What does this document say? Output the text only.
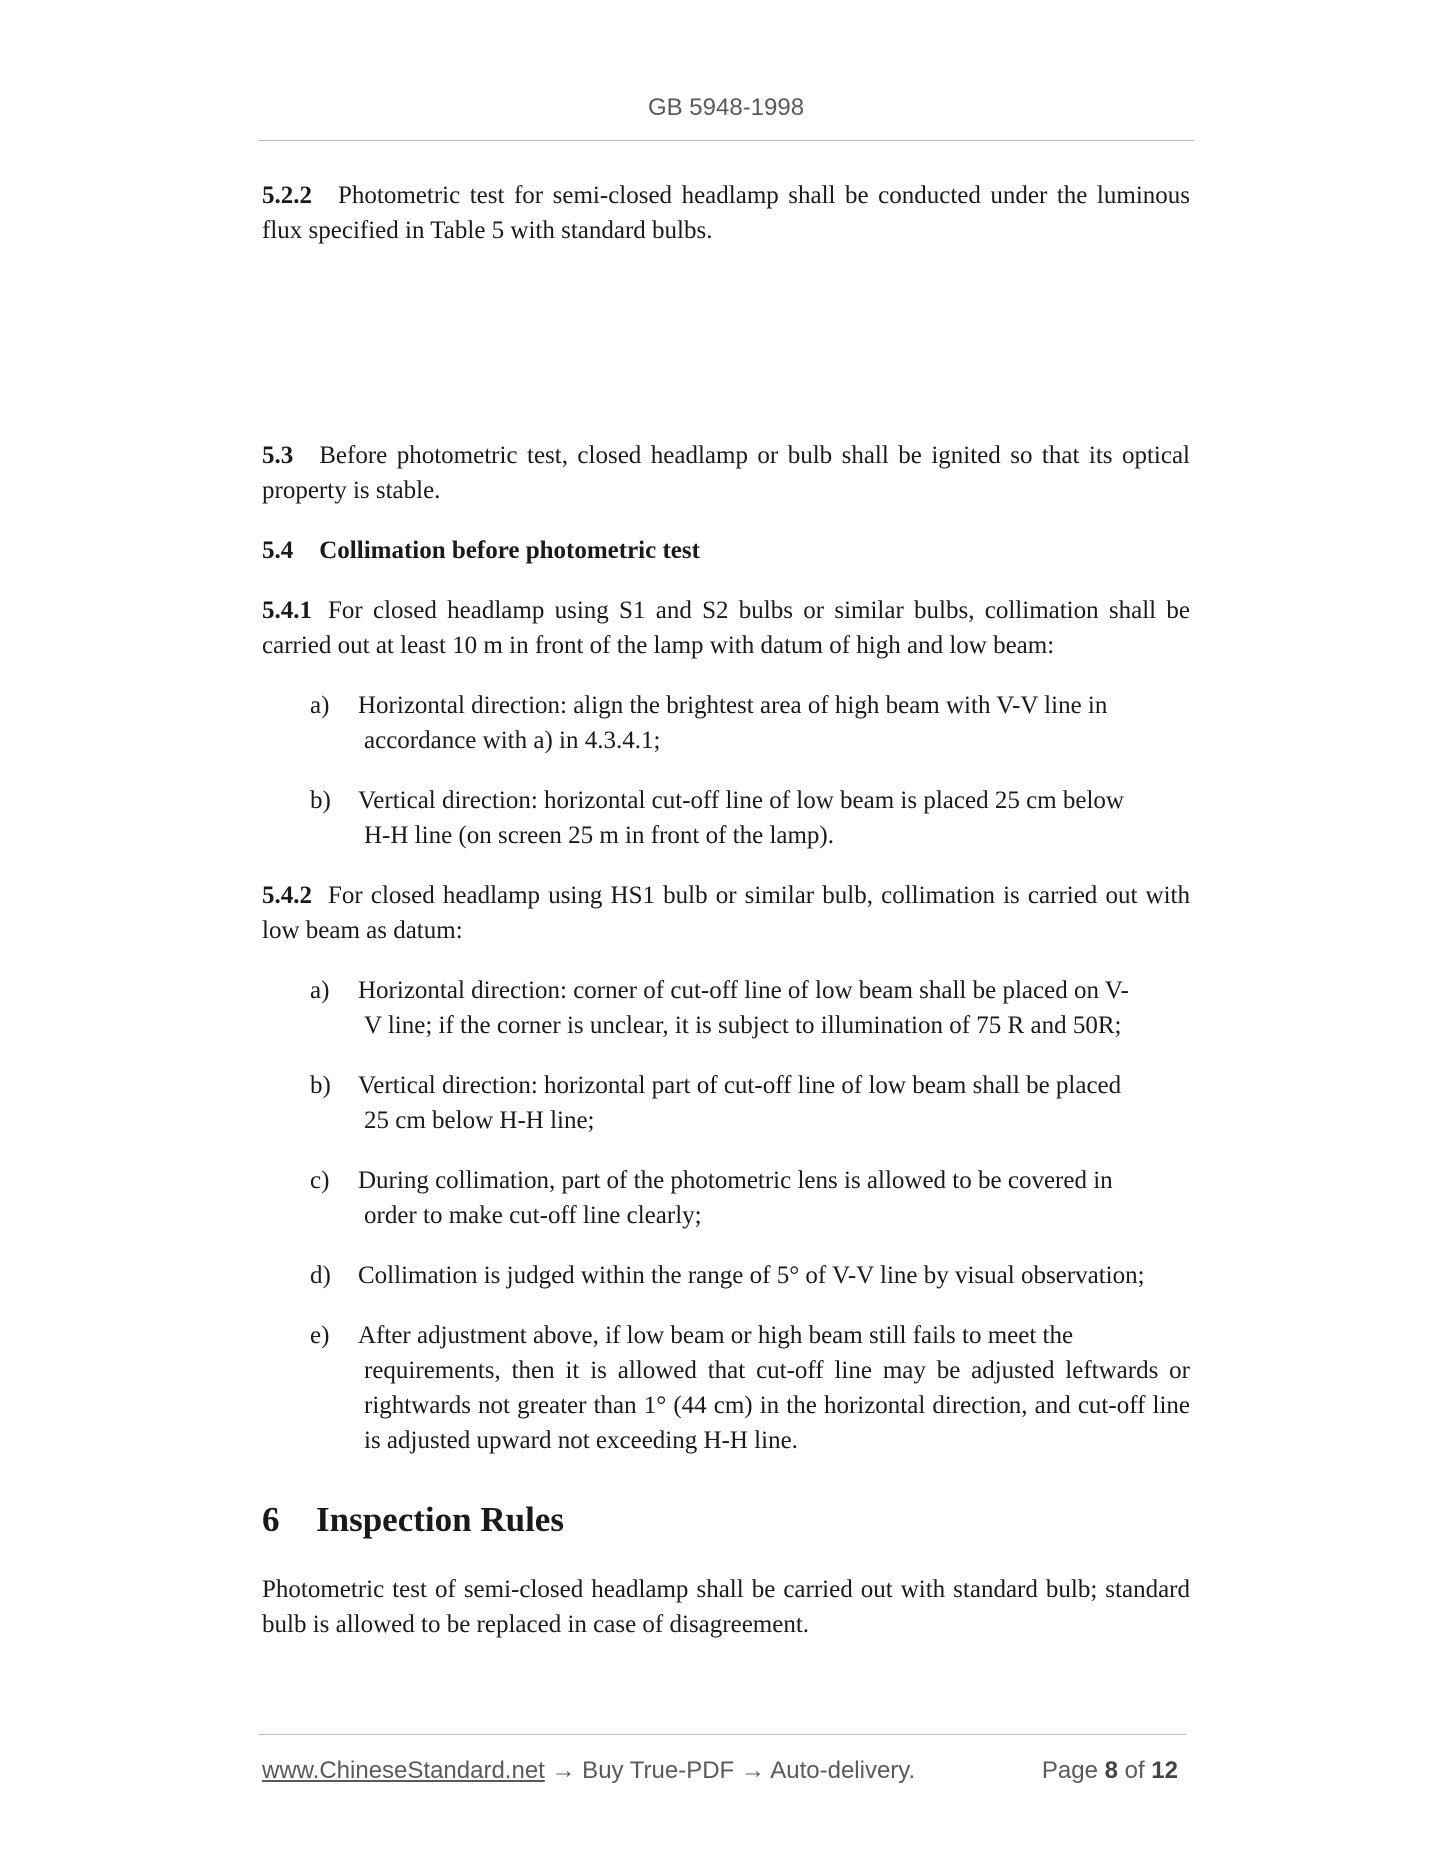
GB 5948-1998

5.2.2 Photometric test for semi-closed headlamp shall be conducted under the luminous flux specified in Table 5 with standard bulbs.

5.3 Before photometric test, closed headlamp or bulb shall be ignited so that its optical property is stable.

5.4 Collimation before photometric test

5.4.1 For closed headlamp using S1 and S2 bulbs or similar bulbs, collimation shall be carried out at least 10 m in front of the lamp with datum of high and low beam:

a)	Horizontal direction: align the brightest area of high beam with V-V line in
accordance with a) in 4.3.4.1;
b)	Vertical direction: horizontal cut-off line of low beam is placed 25 cm below
H-H line (on screen 25 m in front of the lamp).

5.4.2 For closed headlamp using HS1 bulb or similar bulb, collimation is carried out with low beam as datum:

a)	Horizontal direction: corner of cut-off line of low beam shall be placed on V-
V line; if the corner is unclear, it is subject to illumination of 75 R and 50R;
b)	Vertical direction: horizontal part of cut-off line of low beam shall be placed
25 cm below H-H line;
c)	During collimation, part of the photometric lens is allowed to be covered in
order to make cut-off line clearly;
d)	Collimation is judged within the range of 5° of V-V line by visual observation;
e)	After adjustment above, if low beam or high beam still fails to meet the
requirements, then it is allowed that cut-off line may be adjusted leftwards or rightwards not greater than 1° (44 cm) in the horizontal direction, and cut-off line is adjusted upward not exceeding H-H line.
6 Inspection Rules

Photometric test of semi-closed headlamp shall be carried out with standard bulb; standard bulb is allowed to be replaced in case of disagreement.

www.ChineseStandard.net → Buy True-PDF → Auto-delivery.	Page 8 of 12
